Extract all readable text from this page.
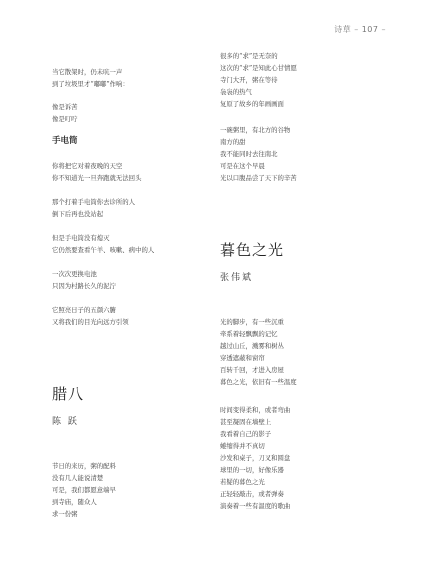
诗草 – 107 –
当它散架时，仍未吭一声
到了垃圾里才“嘟嘟”作响：
像是诉苦
像是叮咛
手电筒
你将把它对着夜晚的天空
你不知道光一旦奔跑就无法回头
那个打着手电筒你去诊所的人
倒下后再也没站起
但是手电筒没有熄灭
它仍然要查看午羊、咳嗽、病中的人
一次次更换电池
只因为村路长久的泥泞
它照亮日子的五颜六腑
又将我们的目光向远方引领
腊八
陈 跃
节日的来历，粥的配料
没有几人能说清楚
可是，我们都愿意端早
到寺庙，随众人
求一份粥
很多的“求”是无奈的
这次的“求”是知此心甘情愿
寺门大开，粥在等待
袅袅的热气
复原了故乡的年画画面
一碗粥里，有北方的谷物
南方的甜
我不能同时去往南北
可是在这个早晨
光以口腹品尝了天下的辛苦
暮色之光
张伟斌
光的脚步，有一些沉重
牵系着轻飘飘的记忆
越过山丘，溅雾和树丛
穿透遮蔽和窗帘
百转千回，才进入房屋
暮色之光，依旧有一些温度
时间变得柔和，或者弯曲
甚至凝固在墙壁上
我看着自己的影子
蜷缩得并不真切
沙发和桌子，刀叉和圆盘
球里的一切，好像乐器
若疑的暮色之光
正轻轻敲击，或者弹奏
演奏着一些有温度的歌曲
